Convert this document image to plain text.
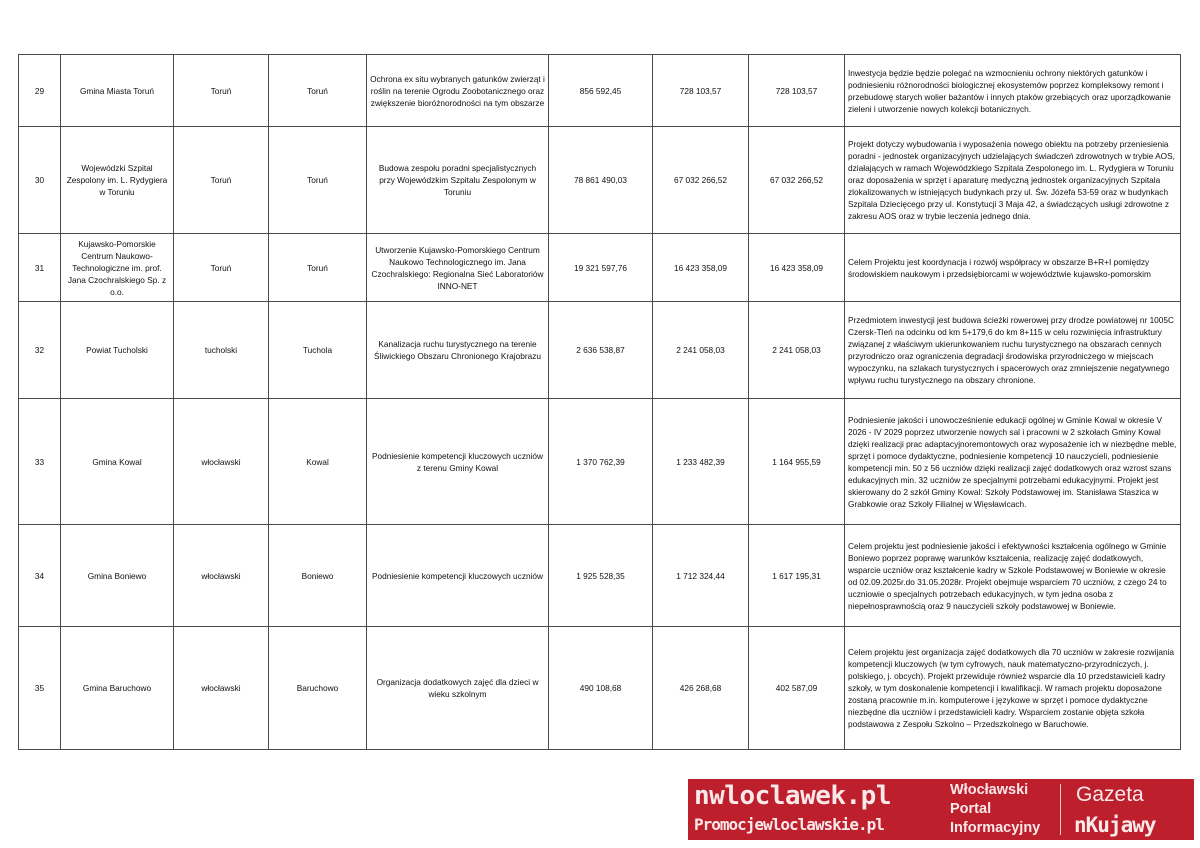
29	Gmina Miasta Toruń	Toruń	Toruń	Ochrona ex situ wybranych gatunków zwierząt i roślin na terenie Ogrodu Zoobotanicznego oraz zwiększenie bioróżnorodności na tym obszarze	856 592,45	728 103,57	728 103,57	Inwestycja będzie będzie polegać na wzmocnieniu ochrony niektórych gatunków i podniesieniu różnorodności biologicznej ekosystemów poprzez kompleksowy remont i przebudowę starych wolier bażantów i innych ptaków grzebiących oraz uporządkowanie zieleni i utworzenie nowych kolekcji botanicznych.
30	Wojewódzki Szpital Zespolony im. L. Rydygiera w Toruniu	Toruń	Toruń	Budowa zespołu poradni specjalistycznych przy Wojewódzkim Szpitalu Zespolonym w Toruniu	78 861 490,03	67 032 266,52	67 032 266,52	Projekt dotyczy wybudowania i wyposażenia nowego obiektu na potrzeby przeniesienia poradni - jednostek organizacyjnych udzielających świadczeń zdrowotnych w trybie AOS, działających w ramach Wojewódzkiego Szpitala Zespolonego im. L. Rydygiera w Toruniu oraz doposażenia w sprzęt i aparaturę medyczną jednostek organizacyjnych Szpitala zlokalizowanych w istniejących budynkach przy ul. Św. Józefa 53-59 oraz w budynkach Szpitala Dziecięcego przy ul. Konstytucji 3 Maja 42, a świadczących usługi zdrowotne z zakresu AOS oraz w trybie leczenia jednego dnia.
31	Kujawsko-Pomorskie Centrum Naukowo-Technologiczne im. prof. Jana Czochralskiego Sp. z o.o.	Toruń	Toruń	Utworzenie Kujawsko-Pomorskiego Centrum Naukowo Technologicznego im. Jana Czochralskiego: Regionalna Sieć Laboratoriów INNO-NET	19 321 597,76	16 423 358,09	16 423 358,09	Celem Projektu jest koordynacja i rozwój współpracy w obszarze B+R+I pomiędzy środowiskiem naukowym i przedsiębiorcami w województwie kujawsko-pomorskim
32	Powiat Tucholski	tucholski	Tuchola	Kanalizacja ruchu turystycznego na terenie Śliwickiego Obszaru Chronionego Krajobrazu	2 636 538,87	2 241 058,03	2 241 058,03	Przedmiotem inwestycji jest budowa ścieżki rowerowej przy drodze powiatowej nr 1005C Czersk-Tleń na odcinku od km 5+179,6 do km 8+115 w celu rozwinięcia infrastruktury związanej z właściwym ukierunkowaniem ruchu turystycznego na obszarach cennych przyrodniczo oraz ograniczenia degradacji środowiska przyrodniczego w miejscach wypoczynku, na szlakach turystycznych i spacerowych oraz zmniejszenie negatywnego wpływu ruchu turystycznego na obszary chronione.
33	Gmina Kowal	włocławski	Kowal	Podniesienie kompetencji kluczowych uczniów z terenu Gminy Kowal	1 370 762,39	1 233 482,39	1 164 955,59	Podniesienie jakości i unowocześnienie edukacji ogólnej w Gminie Kowal w okresie V 2026 - IV 2029 poprzez utworzenie nowych sal i pracowni w 2 szkołach Gminy Kowal dzięki realizacji prac adaptacyjnoremontowych oraz wyposażenie ich w niezbędne meble, sprzęt i pomoce dydaktyczne, podniesienie kompetencji 10 nauczycieli, podniesienie kompetencji min. 50 z 56 uczniów dzięki realizacji zajęć dodatkowych oraz wzrost szans edukacyjnych min. 32 uczniów ze specjalnymi potrzebami edukacyjnymi. Projekt jest skierowany do 2 szkół Gminy Kowal: Szkoły Podstawowej im. Stanisława Staszica w Grabkowie oraz Szkoły Filialnej w Więsławicach.
34	Gmina Boniewo	włocławski	Boniewo	Podniesienie kompetencji kluczowych uczniów	1 925 528,35	1 712 324,44	1 617 195,31	Celem projektu jest podniesienie jakości i efektywności kształcenia ogólnego w Gminie Boniewo poprzez poprawę warunków kształcenia, realizację zajęć dodatkowych, wsparcie uczniów oraz kształcenie kadry w Szkole Podstawowej w Boniewie w okresie od 02.09.2025r.do 31.05.2028r. Projekt obejmuje wsparciem 70 uczniów, z czego 24 to uczniowie o specjalnych potrzebach edukacyjnych, w tym jedna osoba z niepełnosprawnością oraz 9 nauczycieli szkoły podstawowej w Boniewie.
35	Gmina Baruchowo	włocławski	Baruchowo	Organizacja dodatkowych zajęć dla dzieci w wieku szkolnym	490 108,68	426 268,68	402 587,09	Celem projektu jest organizacja zajęć dodatkowych dla 70 uczniów w zakresie rozwijania kompetencji kluczowych (w tym cyfrowych, nauk matematyczno-przyrodniczych, j. polskiego, j. obcych). Projekt przewiduje również wsparcie dla 10 przedstawicieli kadry szkoły, w tym doskonalenie kompetencji i kwalifikacji. W ramach projektu doposażone zostaną pracownie m.in. komputerowe i językowe w sprzęt i pomoce dydaktyczne niezbędne dla uczniów i przedstawicieli kadry. Wsparciem zostanie objęta szkoła podstawowa z Zespołu Szkolno – Przedszkolnego w Baruchowie.
nwloclawek.pl
Promocjewloclawskie.pl
Włocławski
Portal
Informacyjny
Gazeta
nKujawy
